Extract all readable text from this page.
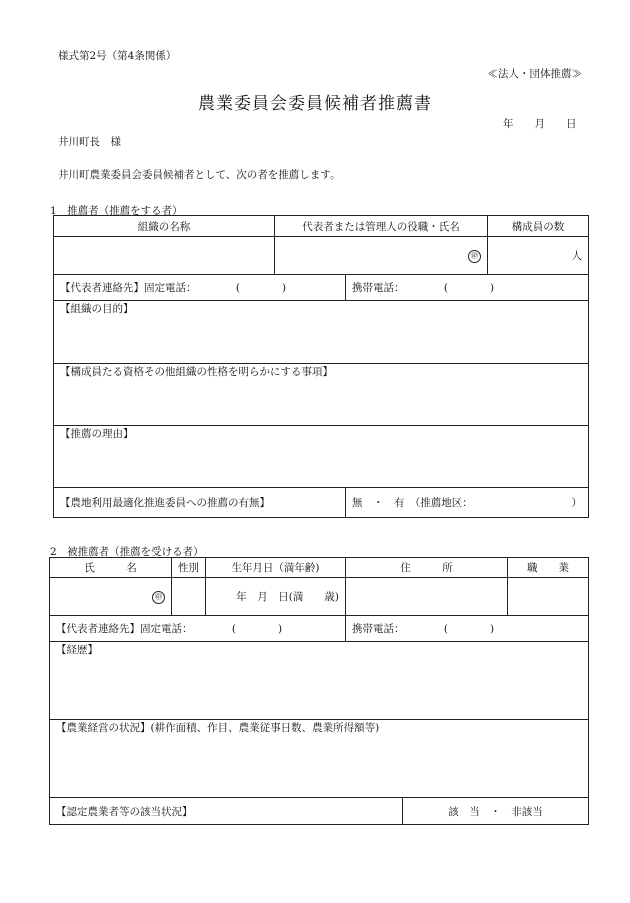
様式第2号（第4条関係）
≪法人・団体推薦≫
農業委員会委員候補者推薦書
年　　月　　日
井川町長　様
井川町農業委員会委員候補者として、次の者を推薦します。
1　推薦者（推薦をする者）
組織の名称	代表者または管理人の役職・氏名		構成員の数
	㊞		人
【代表者連絡先】固定電話： (　　　　)		携帯電話： (　　　　)	
【組織の目的】			
【構成員たる資格その他組織の性格を明らかにする事項】			
【推薦の理由】			
【農地利用最適化推進委員への推薦の有無】		無　・　有　（推薦地区： ）	
2　被推薦者（推薦を受ける者）
氏　　　名	性別	生年月日（満年齢)	住　　　所		職　　業
㊞		年　月　日(満　　歳)			
【代表者連絡先】固定電話： (　　　　)			携帯電話： (　　　　)		
【経歴】					
【農業経営の状況】(耕作面積、作目、農業従事日数、農業所得額等)					
【認定農業者等の該当状況】				該　当　・　非該当	
